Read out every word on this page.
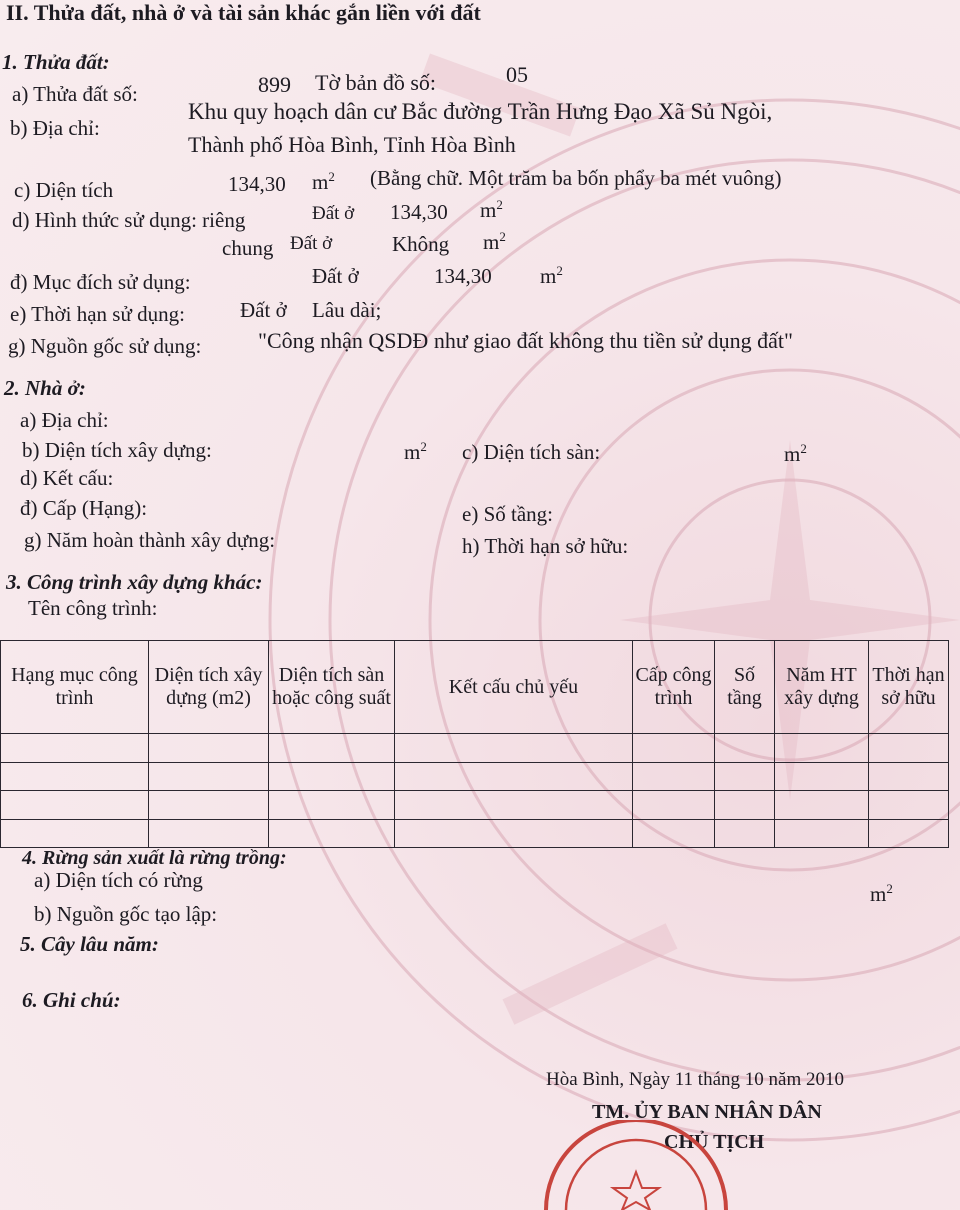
II. Thửa đất, nhà ở và tài sản khác gắn liền với đất
1. Thửa đất:
a) Thửa đất số:	899 Tờ bản đồ số:	05
b) Địa chỉ:
Khu quy hoạch dân cư Bắc đường Trần Hưng Đạo Xã Sủ Ngòi,
Thành phố Hòa Bình, Tỉnh Hòa Bình
c) Diện tích	134,30 $m^2$ (Bằng chữ. Một trăm ba bốn phẩy ba mét vuông)
d) Hình thức sử dụng: riêng	Đất ở 134,30 $m^2$
chung Đất ở	Không $m^2$
đ) Mục đích sử dụng:	Đất ở	134,30 $m^2$
e) Thời hạn sử dụng:	Đất ở Lâu dài;
g) Nguồn gốc sử dụng:	"Công nhận QSDĐ như giao đất không thu tiền sử dụng đất"
2. Nhà ở:
a) Địa chỉ:
b) Diện tích xây dựng:	$m^2$ c) Diện tích sàn:	$m^2$
d) Kết cấu:
đ) Cấp (Hạng):	e) Số tầng:
g) Năm hoàn thành xây dựng:	h) Thời hạn sở hữu:
3. Công trình xây dựng khác:
Tên công trình:
Hạng mục công trình	Diện tích xây dựng (m2)	Diện tích sàn hoặc công suất	Kết cấu chủ yếu	Cấp công trình	Số tầng	Năm HT xây dựng	Thời hạn sở hữu

4. Rừng sản xuất là rừng trồng:
a) Diện tích có rừng
$m^2$
b) Nguồn gốc tạo lập:
5. Cây lâu năm:
6. Ghi chú:
Hòa Bình, Ngày 11 tháng 10 năm 2010
TM. ỦY BAN NHÂN DÂN
CHỦ TỊCH
